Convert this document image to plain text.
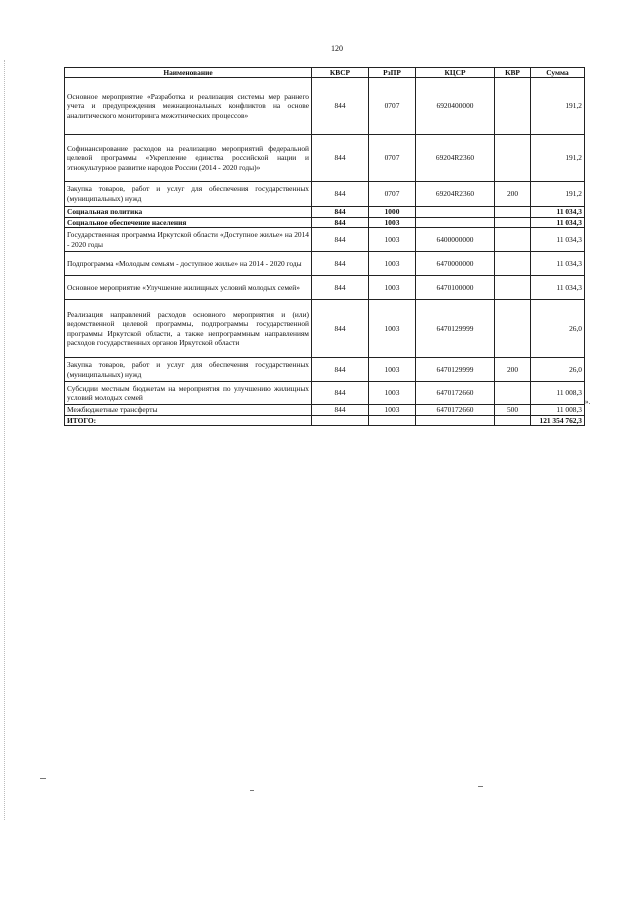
120
Наименование	КВСР	РзПР	КЦСР	КВР	Сумма
Основное мероприятие «Разработка и реализация системы мер раннего учета и предупреждения межнациональных конфликтов на основе аналитического мониторинга межэтнических процессов»	844	0707	6920400000		191,2
Софинансирование расходов на реализацию мероприятий федеральной целевой программы «Укрепление единства российской нации и этнокультурное развитие народов России (2014 - 2020 годы)»	844	0707	69204R2360		191,2
Закупка товаров, работ и услуг для обеспечения государственных (муниципальных) нужд	844	0707	69204R2360	200	191,2
Социальная политика	844	1000			11 034,3
Социальное обеспечение населения	844	1003			11 034,3
Государственная программа Иркутской области «Доступное жилье» на 2014 - 2020 годы	844	1003	6400000000		11 034,3
Подпрограмма «Молодым семьям - доступное жилье» на 2014 - 2020 годы	844	1003	6470000000		11 034,3
Основное мероприятие «Улучшение жилищных условий молодых семей»	844	1003	6470100000		11 034,3
Реализация направлений расходов основного мероприятия и (или) ведомственной целевой программы, подпрограммы государственной программы Иркутской области, а также непрограммным направлениям расходов государственных органов Иркутской области	844	1003	6470129999		26,0
Закупка товаров, работ и услуг для обеспечения государственных (муниципальных) нужд	844	1003	6470129999	200	26,0
Субсидии местным бюджетам на мероприятия по улучшению жилищных условий молодых семей	844	1003	6470172660		11 008,3
Межбюджетные трансферты	844	1003	6470172660	500	11 008,3
ИТОГО:					121 354 762,3
».
